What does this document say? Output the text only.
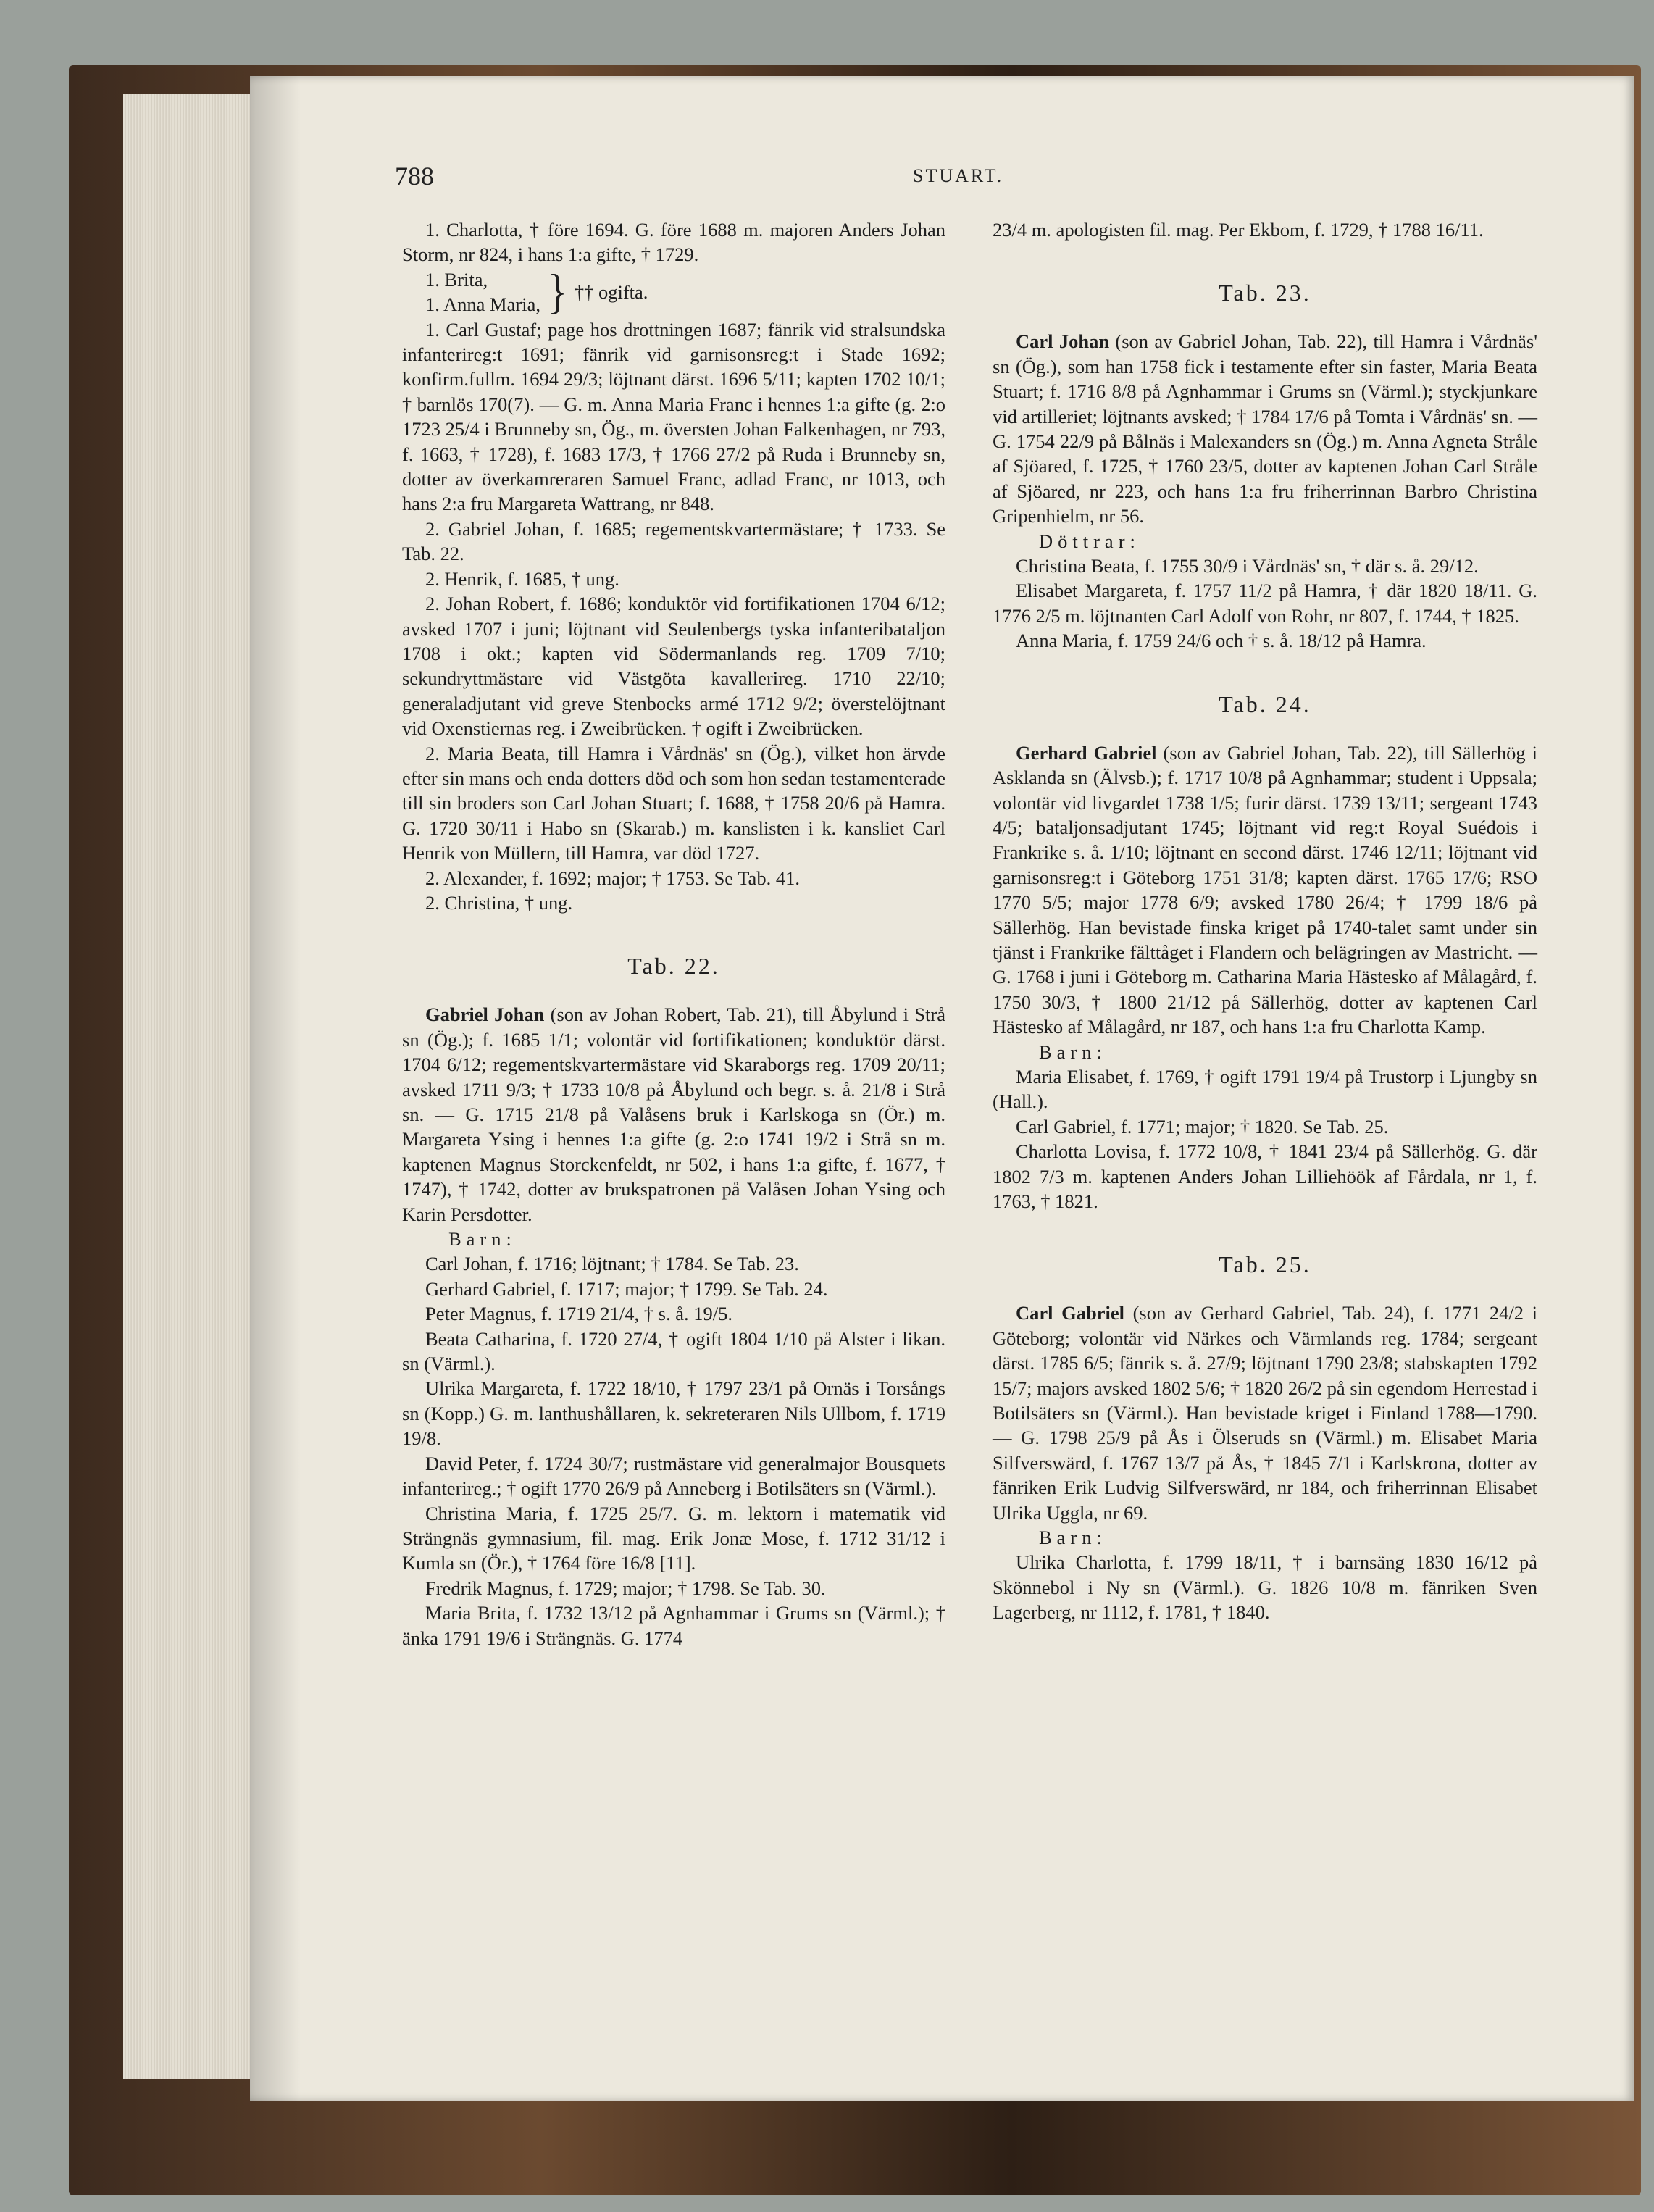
788	STUART.

1. Charlotta, † före 1694. G. före 1688 m. majoren Anders Johan Storm, nr 824, i hans 1:a gifte, † 1729.

1. Brita,
1. Anna Maria, } †† ogifta.

1. Carl Gustaf; page hos drottningen 1687; fänrik vid stralsundska infanterireg:t 1691; fänrik vid garnisonsreg:t i Stade 1692; konfirm.fullm. 1694 29/3; löjtnant därst. 1696 5/11; kapten 1702 10/1; † barnlös 170(7). — G. m. Anna Maria Franc i hennes 1:a gifte (g. 2:o 1723 25/4 i Brunneby sn, Ög., m. översten Johan Falkenhagen, nr 793, f. 1663, † 1728), f. 1683 17/3, † 1766 27/2 på Ruda i Brunneby sn, dotter av överkamreraren Samuel Franc, adlad Franc, nr 1013, och hans 2:a fru Margareta Wattrang, nr 848.

2. Gabriel Johan, f. 1685; regementskvartermästare; † 1733. Se Tab. 22.

2. Henrik, f. 1685, † ung.

2. Johan Robert, f. 1686; konduktör vid fortifikationen 1704 6/12; avsked 1707 i juni; löjtnant vid Seulenbergs tyska infanteribataljon 1708 i okt.; kapten vid Södermanlands reg. 1709 7/10; sekundryttmästare vid Västgöta kavallerireg. 1710 22/10; generaladjutant vid greve Stenbocks armé 1712 9/2; överstelöjtnant vid Oxenstiernas reg. i Zweibrücken. † ogift i Zweibrücken.

2. Maria Beata, till Hamra i Vårdnäs' sn (Ög.), vilket hon ärvde efter sin mans och enda dotters död och som hon sedan testamenterade till sin broders son Carl Johan Stuart; f. 1688, † 1758 20/6 på Hamra. G. 1720 30/11 i Habo sn (Skarab.) m. kanslisten i k. kansliet Carl Henrik von Müllern, till Hamra, var död 1727.

2. Alexander, f. 1692; major; † 1753. Se Tab. 41.

2. Christina, † ung.

Tab. 22.

Gabriel Johan (son av Johan Robert, Tab. 21), till Åbylund i Strå sn (Ög.); f. 1685 1/1; volontär vid fortifikationen; konduktör därst. 1704 6/12; regementskvartermästare vid Skaraborgs reg. 1709 20/11; avsked 1711 9/3; † 1733 10/8 på Åbylund och begr. s. å. 21/8 i Strå sn. — G. 1715 21/8 på Valåsens bruk i Karlskoga sn (Ör.) m. Margareta Ysing i hennes 1:a gifte (g. 2:o 1741 19/2 i Strå sn m. kaptenen Magnus Storckenfeldt, nr 502, i hans 1:a gifte, f. 1677, † 1747), † 1742, dotter av brukspatronen på Valåsen Johan Ysing och Karin Persdotter.

Barn:

Carl Johan, f. 1716; löjtnant; † 1784. Se Tab. 23.

Gerhard Gabriel, f. 1717; major; † 1799. Se Tab. 24.

Peter Magnus, f. 1719 21/4, † s. å. 19/5.

Beata Catharina, f. 1720 27/4, † ogift 1804 1/10 på Alster i likan. sn (Värml.).

Ulrika Margareta, f. 1722 18/10, † 1797 23/1 på Ornäs i Torsångs sn (Kopp.) G. m. lanthushållaren, k. sekreteraren Nils Ullbom, f. 1719 19/8.

David Peter, f. 1724 30/7; rustmästare vid generalmajor Bousquets infanterireg.; † ogift 1770 26/9 på Anneberg i Botilsäters sn (Värml.).

Christina Maria, f. 1725 25/7. G. m. lektorn i matematik vid Strängnäs gymnasium, fil. mag. Erik Jonæ Mose, f. 1712 31/12 i Kumla sn (Ör.), † 1764 före 16/8 [11].

Fredrik Magnus, f. 1729; major; † 1798. Se Tab. 30.

Maria Brita, f. 1732 13/12 på Agnhammar i Grums sn (Värml.); † änka 1791 19/6 i Strängnäs. G. 1774

23/4 m. apologisten fil. mag. Per Ekbom, f. 1729, † 1788 16/11.

Tab. 23.

Carl Johan (son av Gabriel Johan, Tab. 22), till Hamra i Vårdnäs' sn (Ög.), som han 1758 fick i testamente efter sin faster, Maria Beata Stuart; f. 1716 8/8 på Agnhammar i Grums sn (Värml.); styckjunkare vid artilleriet; löjtnants avsked; † 1784 17/6 på Tomta i Vårdnäs' sn. — G. 1754 22/9 på Bålnäs i Malexanders sn (Ög.) m. Anna Agneta Stråle af Sjöared, f. 1725, † 1760 23/5, dotter av kaptenen Johan Carl Stråle af Sjöared, nr 223, och hans 1:a fru friherrinnan Barbro Christina Gripenhielm, nr 56.

Döttrar:

Christina Beata, f. 1755 30/9 i Vårdnäs' sn, † där s. å. 29/12.

Elisabet Margareta, f. 1757 11/2 på Hamra, † där 1820 18/11. G. 1776 2/5 m. löjtnanten Carl Adolf von Rohr, nr 807, f. 1744, † 1825.

Anna Maria, f. 1759 24/6 och † s. å. 18/12 på Hamra.

Tab. 24.

Gerhard Gabriel (son av Gabriel Johan, Tab. 22), till Sällerhög i Asklanda sn (Älvsb.); f. 1717 10/8 på Agnhammar; student i Uppsala; volontär vid livgardet 1738 1/5; furir därst. 1739 13/11; sergeant 1743 4/5; bataljonsadjutant 1745; löjtnant vid reg:t Royal Suédois i Frankrike s. å. 1/10; löjtnant en second därst. 1746 12/11; löjtnant vid garnisonsreg:t i Göteborg 1751 31/8; kapten därst. 1765 17/6; RSO 1770 5/5; major 1778 6/9; avsked 1780 26/4; † 1799 18/6 på Sällerhög. Han bevistade finska kriget på 1740-talet samt under sin tjänst i Frankrike fälttåget i Flandern och belägringen av Mastricht. — G. 1768 i juni i Göteborg m. Catharina Maria Hästesko af Målagård, f. 1750 30/3, † 1800 21/12 på Sällerhög, dotter av kaptenen Carl Hästesko af Målagård, nr 187, och hans 1:a fru Charlotta Kamp.

Barn:

Maria Elisabet, f. 1769, † ogift 1791 19/4 på Trustorp i Ljungby sn (Hall.).

Carl Gabriel, f. 1771; major; † 1820. Se Tab. 25.

Charlotta Lovisa, f. 1772 10/8, † 1841 23/4 på Sällerhög. G. där 1802 7/3 m. kaptenen Anders Johan Lilliehöök af Fårdala, nr 1, f. 1763, † 1821.

Tab. 25.

Carl Gabriel (son av Gerhard Gabriel, Tab. 24), f. 1771 24/2 i Göteborg; volontär vid Närkes och Värmlands reg. 1784; sergeant därst. 1785 6/5; fänrik s. å. 27/9; löjtnant 1790 23/8; stabskapten 1792 15/7; majors avsked 1802 5/6; † 1820 26/2 på sin egendom Herrestad i Botilsäters sn (Värml.). Han bevistade kriget i Finland 1788—1790. — G. 1798 25/9 på Ås i Ölseruds sn (Värml.) m. Elisabet Maria Silfverswärd, f. 1767 13/7 på Ås, † 1845 7/1 i Karlskrona, dotter av fänriken Erik Ludvig Silfverswärd, nr 184, och friherrinnan Elisabet Ulrika Uggla, nr 69.

Barn:

Ulrika Charlotta, f. 1799 18/11, † i barnsäng 1830 16/12 på Skönnebol i Ny sn (Värml.). G. 1826 10/8 m. fänriken Sven Lagerberg, nr 1112, f. 1781, † 1840.
